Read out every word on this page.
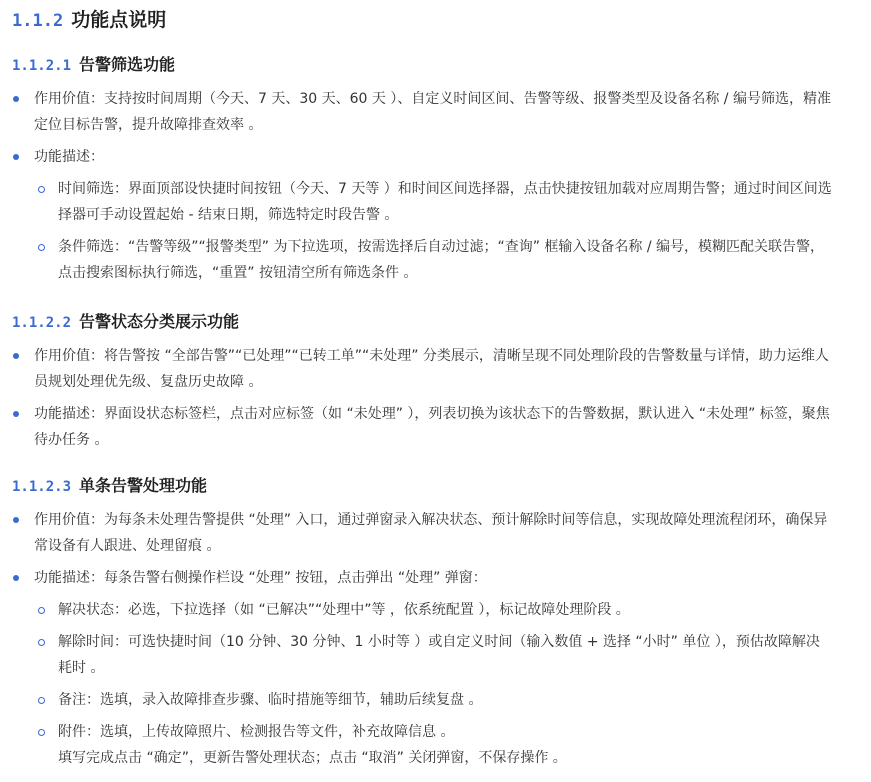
1.1.2 功能点说明
1.1.2.1 告警筛选功能
作用价值：支持按时间周期（今天、7 天、30 天、60 天 ）、自定义时间区间、告警等级、报警类型及设备名称 / 编号筛选，精准定位目标告警，提升故障排查效率 。
功能描述：
时间筛选：界面顶部设快捷时间按钮（今天、7 天等 ）和时间区间选择器，点击快捷按钮加载对应周期告警；通过时间区间选择器可手动设置起始 - 结束日期，筛选特定时段告警 。
条件筛选：“告警等级”“报警类型” 为下拉选项，按需选择后自动过滤；“查询” 框输入设备名称 / 编号，模糊匹配关联告警，点击搜索图标执行筛选，“重置” 按钮清空所有筛选条件 。
1.1.2.2 告警状态分类展示功能
作用价值：将告警按 “全部告警”“已处理”“已转工单”“未处理” 分类展示，清晰呈现不同处理阶段的告警数量与详情，助力运维人员规划处理优先级、复盘历史故障 。
功能描述：界面设状态标签栏，点击对应标签（如 “未处理” ），列表切换为该状态下的告警数据，默认进入 “未处理” 标签，聚焦待办任务 。
1.1.2.3 单条告警处理功能
作用价值：为每条未处理告警提供 “处理” 入口，通过弹窗录入解决状态、预计解除时间等信息，实现故障处理流程闭环，确保异常设备有人跟进、处理留痕 。
功能描述：每条告警右侧操作栏设 “处理” 按钮，点击弹出 “处理” 弹窗：
解决状态：必选，下拉选择（如 “已解决”“处理中”等 ，依系统配置 ），标记故障处理阶段 。
解除时间：可选快捷时间（10 分钟、30 分钟、1 小时等 ）或自定义时间（输入数值 + 选择 “小时” 单位 ），预估故障解决耗时 。
备注：选填，录入故障排查步骤、临时措施等细节，辅助后续复盘 。
附件：选填，上传故障照片、检测报告等文件，补充故障信息 。
填写完成点击 “确定”，更新告警处理状态；点击 “取消” 关闭弹窗，不保存操作 。
